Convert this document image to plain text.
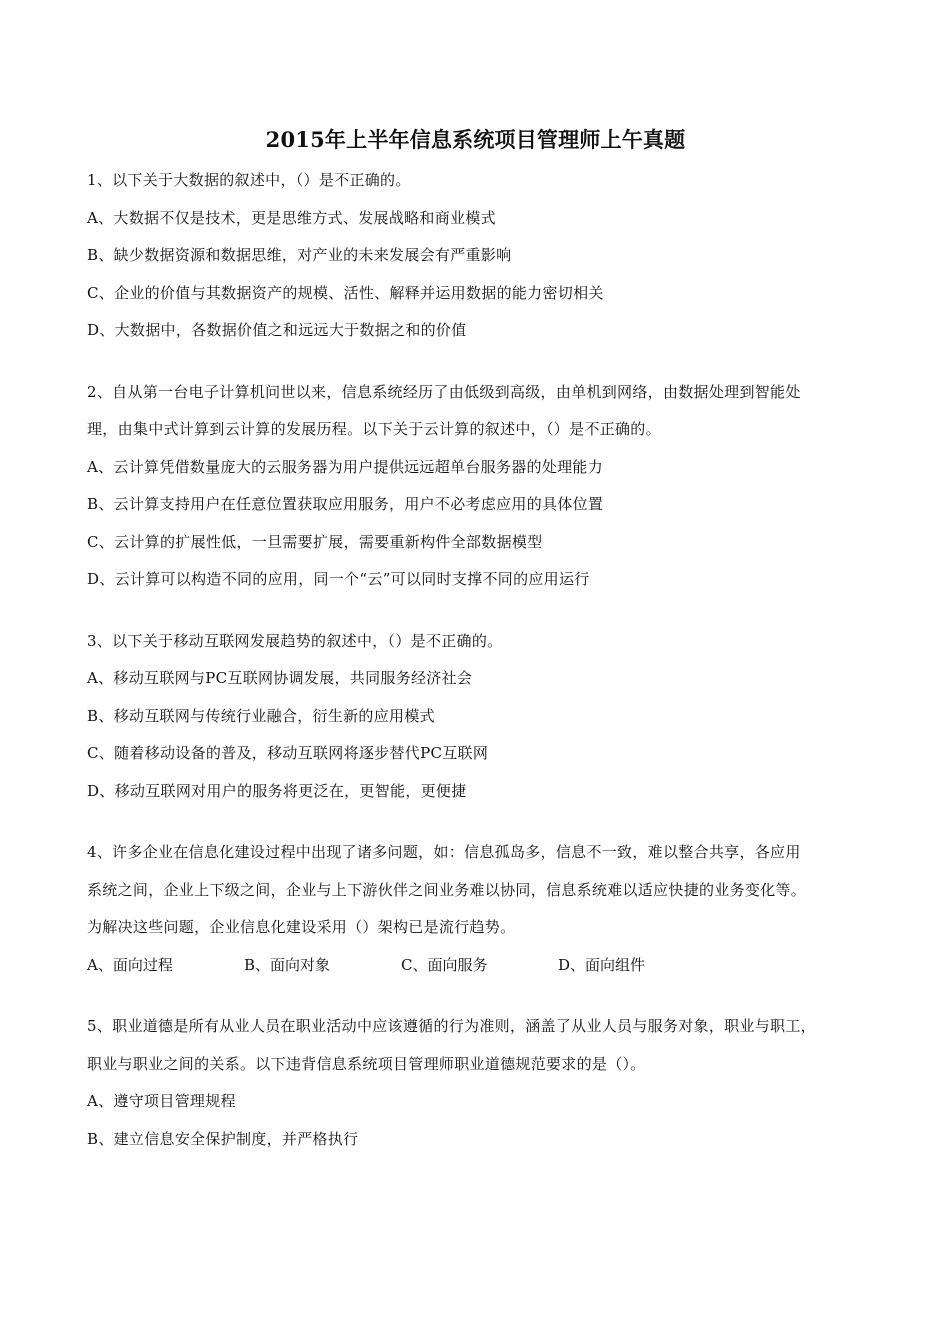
2015年上半年信息系统项目管理师上午真题
1、以下关于大数据的叙述中，（）是不正确的。
A、大数据不仅是技术，更是思维方式、发展战略和商业模式
B、缺少数据资源和数据思维，对产业的未来发展会有严重影响
C、企业的价值与其数据资产的规模、活性、解释并运用数据的能力密切相关
D、大数据中，各数据价值之和远远大于数据之和的价值
2、自从第一台电子计算机问世以来，信息系统经历了由低级到高级，由单机到网络，由数据处理到智能处
理，由集中式计算到云计算的发展历程。以下关于云计算的叙述中，（）是不正确的。
A、云计算凭借数量庞大的云服务器为用户提供远远超单台服务器的处理能力
B、云计算支持用户在任意位置获取应用服务，用户不必考虑应用的具体位置
C、云计算的扩展性低，一旦需要扩展，需要重新构件全部数据模型
D、云计算可以构造不同的应用，同一个“云”可以同时支撑不同的应用运行
3、以下关于移动互联网发展趋势的叙述中，（）是不正确的。
A、移动互联网与PC互联网协调发展，共同服务经济社会
B、移动互联网与传统行业融合，衍生新的应用模式
C、随着移动设备的普及，移动互联网将逐步替代PC互联网
D、移动互联网对用户的服务将更泛在，更智能，更便捷
4、许多企业在信息化建设过程中出现了诸多问题，如：信息孤岛多，信息不一致，难以整合共享，各应用
系统之间，企业上下级之间，企业与上下游伙伴之间业务难以协同，信息系统难以适应快捷的业务变化等。
为解决这些问题，企业信息化建设采用（）架构已是流行趋势。
A、面向过程	B、面向对象	C、面向服务	D、面向组件
5、职业道德是所有从业人员在职业活动中应该遵循的行为准则，涵盖了从业人员与服务对象，职业与职工，
职业与职业之间的关系。以下违背信息系统项目管理师职业道德规范要求的是（）。
A、遵守项目管理规程
B、建立信息安全保护制度，并严格执行
